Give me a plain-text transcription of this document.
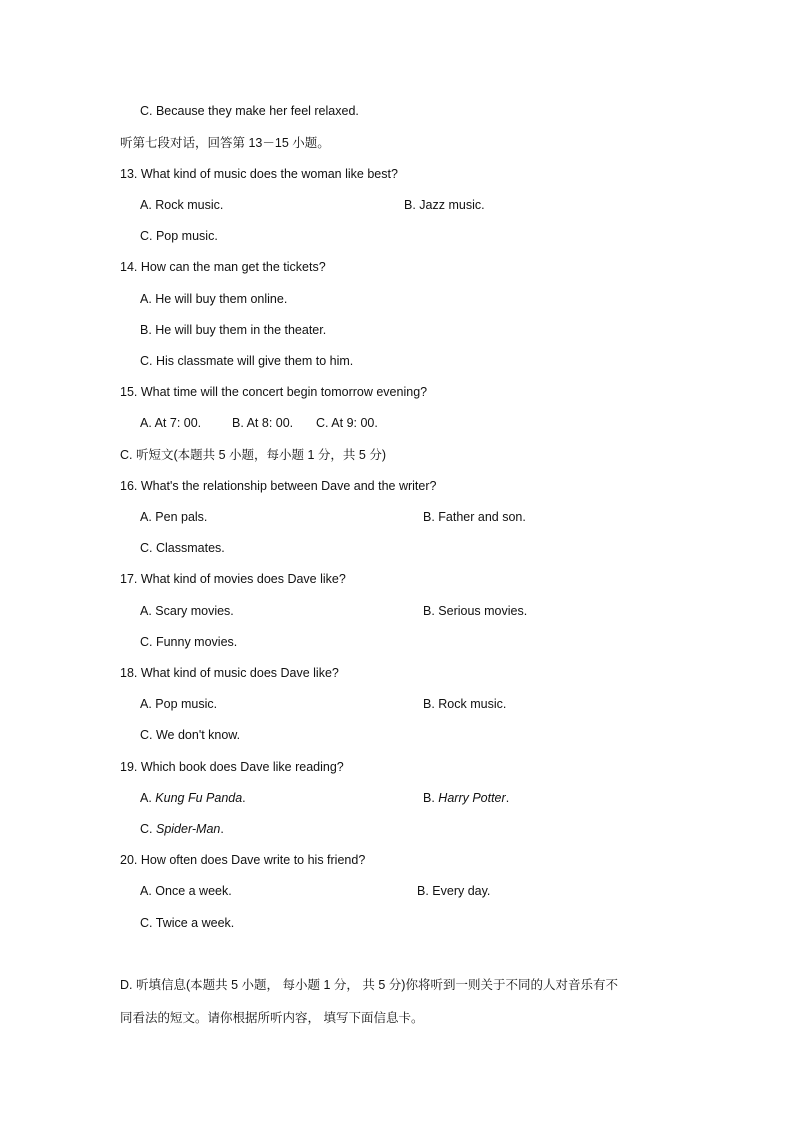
C. Because they make her feel relaxed.
听第七段对话，回答第 13－15 小题。
13. What kind of music does the woman like best?
A. Rock music.	B. Jazz music.
C. Pop music.
14. How can the man get the tickets?
A. He will buy them online.
B. He will buy them in the theater.
C. His classmate will give them to him.
15. What time will the concert begin tomorrow evening?
A. At 7: 00. B. At 8: 00. C. At 9: 00.
C. 听短文(本题共 5 小题，每小题 1 分，共 5 分)
16. What's the relationship between Dave and the writer?
A. Pen pals.	B. Father and son.
C. Classmates.
17. What kind of movies does Dave like?
A. Scary movies.	B. Serious movies.
C. Funny movies.
18. What kind of music does Dave like?
A. Pop music.	B. Rock music.
C. We don't know.
19. Which book does Dave like reading?
A. Kung Fu Panda.	B. Harry Potter.
C. Spider-Man.
20. How often does Dave write to his friend?
A. Once a week.	B. Every day.
C. Twice a week.
D. 听填信息(本题共 5 小题， 每小题 1 分， 共 5 分)你将听到一则关于不同的人对音乐有不
同看法的短文。请你根据所听内容， 填写下面信息卡。
